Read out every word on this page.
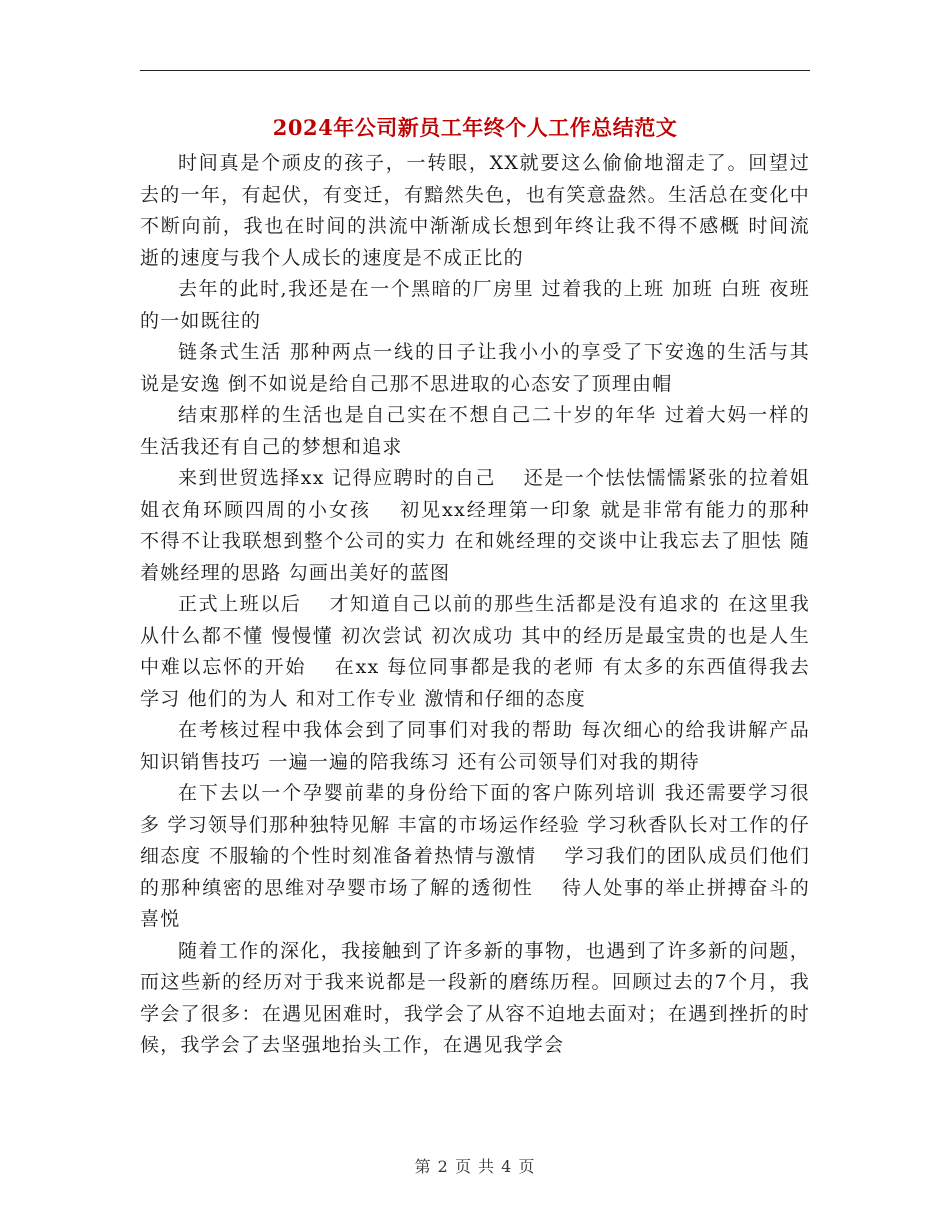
2024年公司新员工年终个人工作总结范文

时间真是个顽皮的孩子，一转眼，XX就要这么偷偷地溜走了。回望过去的一年，有起伏，有变迁，有黯然失色，也有笑意盎然。生活总在变化中不断向前，我也在时间的洪流中渐渐成长想到年终让我不得不感概 时间流逝的速度与我个人成长的速度是不成正比的

去年的此时,我还是在一个黑暗的厂房里 过着我的上班 加班 白班 夜班的一如既往的

链条式生活 那种两点一线的日子让我小小的享受了下安逸的生活与其说是安逸 倒不如说是给自己那不思进取的心态安了顶理由帽

结束那样的生活也是自己实在不想自己二十岁的年华 过着大妈一样的生活我还有自己的梦想和追求

来到世贸选择xx 记得应聘时的自己　 还是一个怯怯懦懦紧张的拉着姐姐衣角环顾四周的小女孩　 初见xx经理第一印象 就是非常有能力的那种 不得不让我联想到整个公司的实力 在和姚经理的交谈中让我忘去了胆怯 随着姚经理的思路 勾画出美好的蓝图

正式上班以后　 才知道自己以前的那些生活都是没有追求的 在这里我从什么都不懂 慢慢懂 初次尝试 初次成功 其中的经历是最宝贵的也是人生中难以忘怀的开始　 在xx 每位同事都是我的老师 有太多的东西值得我去学习 他们的为人 和对工作专业 激情和仔细的态度

在考核过程中我体会到了同事们对我的帮助 每次细心的给我讲解产品知识销售技巧 一遍一遍的陪我练习 还有公司领导们对我的期待

在下去以一个孕婴前辈的身份给下面的客户陈列培训 我还需要学习很多 学习领导们那种独特见解 丰富的市场运作经验 学习秋香队长对工作的仔细态度 不服输的个性时刻准备着热情与激情　 学习我们的团队成员们他们的那种缜密的思维对孕婴市场了解的透彻性　 待人处事的举止拼搏奋斗的喜悦

随着工作的深化，我接触到了许多新的事物，也遇到了许多新的问题，而这些新的经历对于我来说都是一段新的磨练历程。回顾过去的7个月，我学会了很多：在遇见困难时，我学会了从容不迫地去面对；在遇到挫折的时候，我学会了去坚强地抬头工作，在遇见我学会

第 2 页 共 4 页
